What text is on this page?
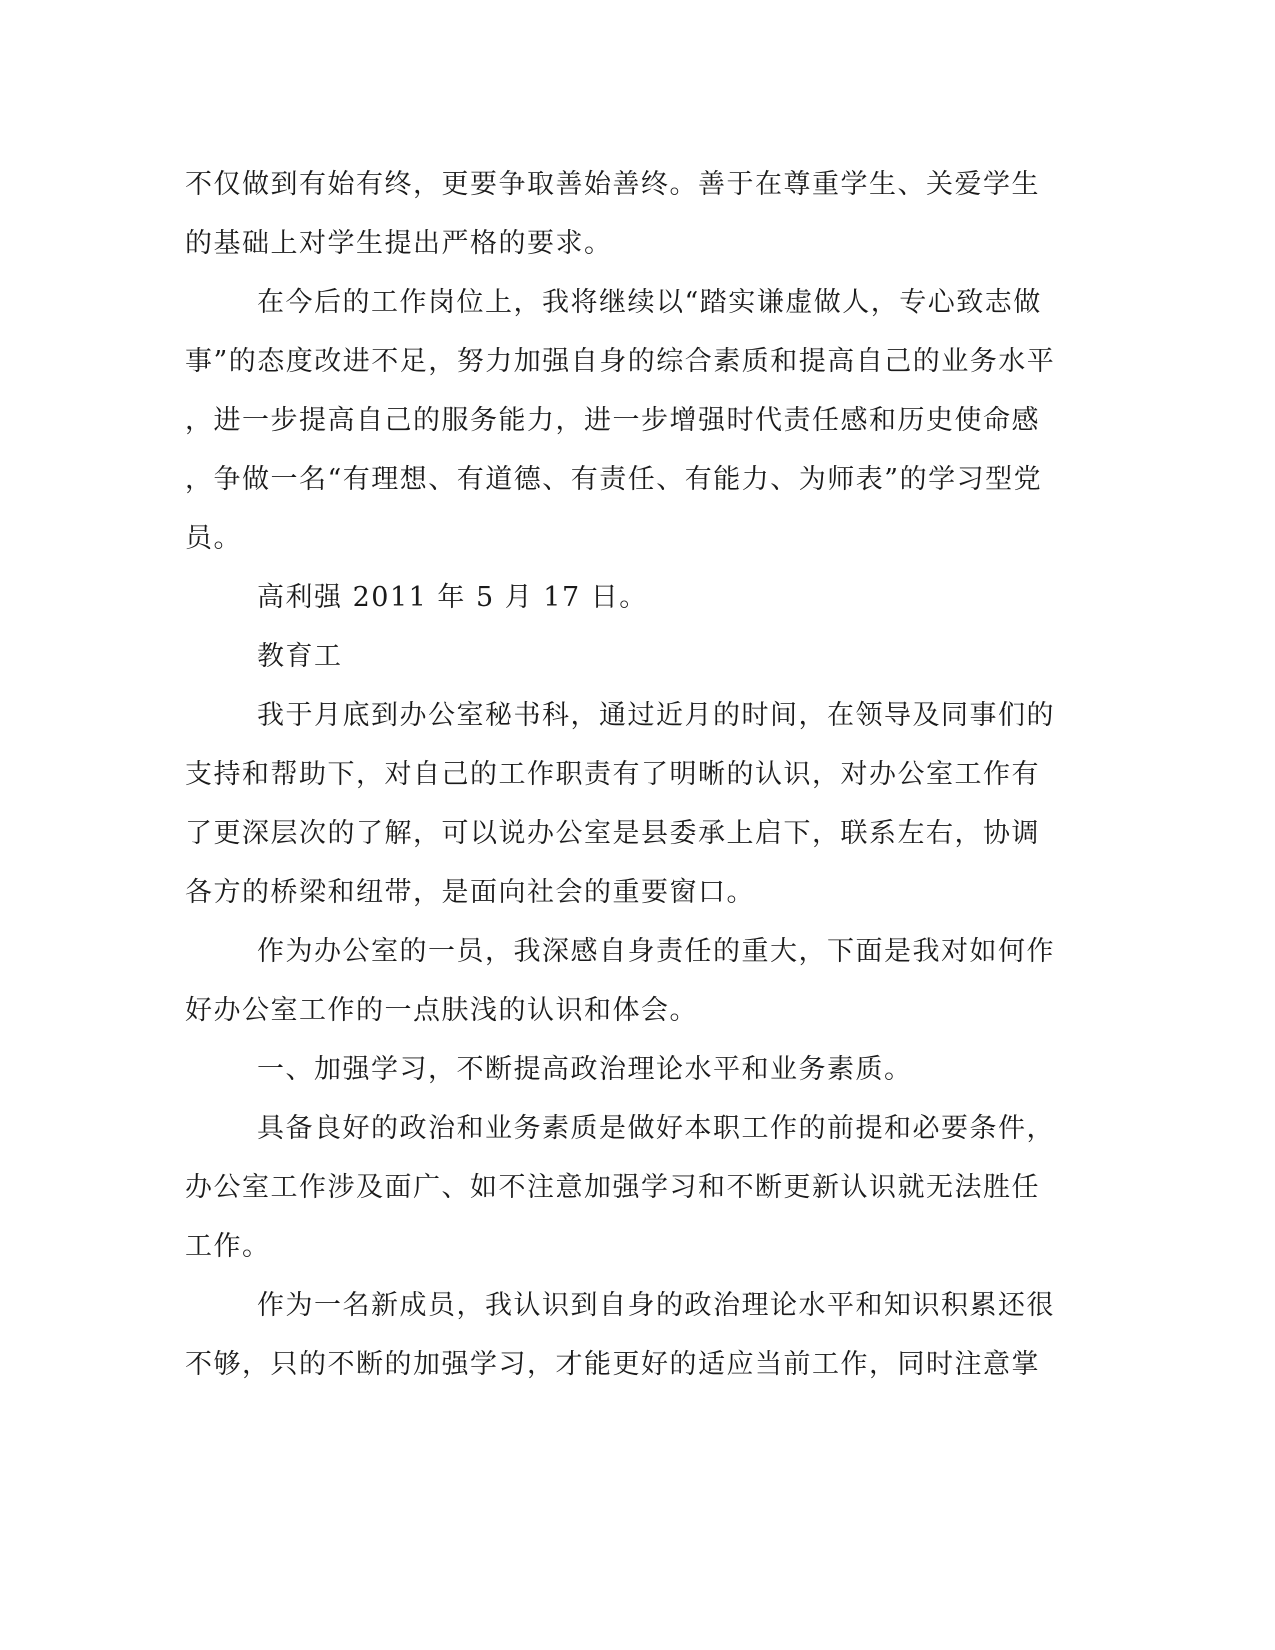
不仅做到有始有终，更要争取善始善终。善于在尊重学生、关爱学生
的基础上对学生提出严格的要求。
在今后的工作岗位上，我将继续以“踏实谦虚做人，专心致志做
事”的态度改进不足，努力加强自身的综合素质和提高自己的业务水平
，进一步提高自己的服务能力，进一步增强时代责任感和历史使命感
，争做一名“有理想、有道德、有责任、有能力、为师表”的学习型党
员。
高利强 2011 年 5 月 17 日。
教育工
我于月底到办公室秘书科，通过近月的时间，在领导及同事们的
支持和帮助下，对自己的工作职责有了明晰的认识，对办公室工作有
了更深层次的了解，可以说办公室是县委承上启下，联系左右，协调
各方的桥梁和纽带，是面向社会的重要窗口。
作为办公室的一员，我深感自身责任的重大，下面是我对如何作
好办公室工作的一点肤浅的认识和体会。
一、加强学习，不断提高政治理论水平和业务素质。
具备良好的政治和业务素质是做好本职工作的前提和必要条件，
办公室工作涉及面广、如不注意加强学习和不断更新认识就无法胜任
工作。
作为一名新成员，我认识到自身的政治理论水平和知识积累还很
不够，只的不断的加强学习，才能更好的适应当前工作，同时注意掌
